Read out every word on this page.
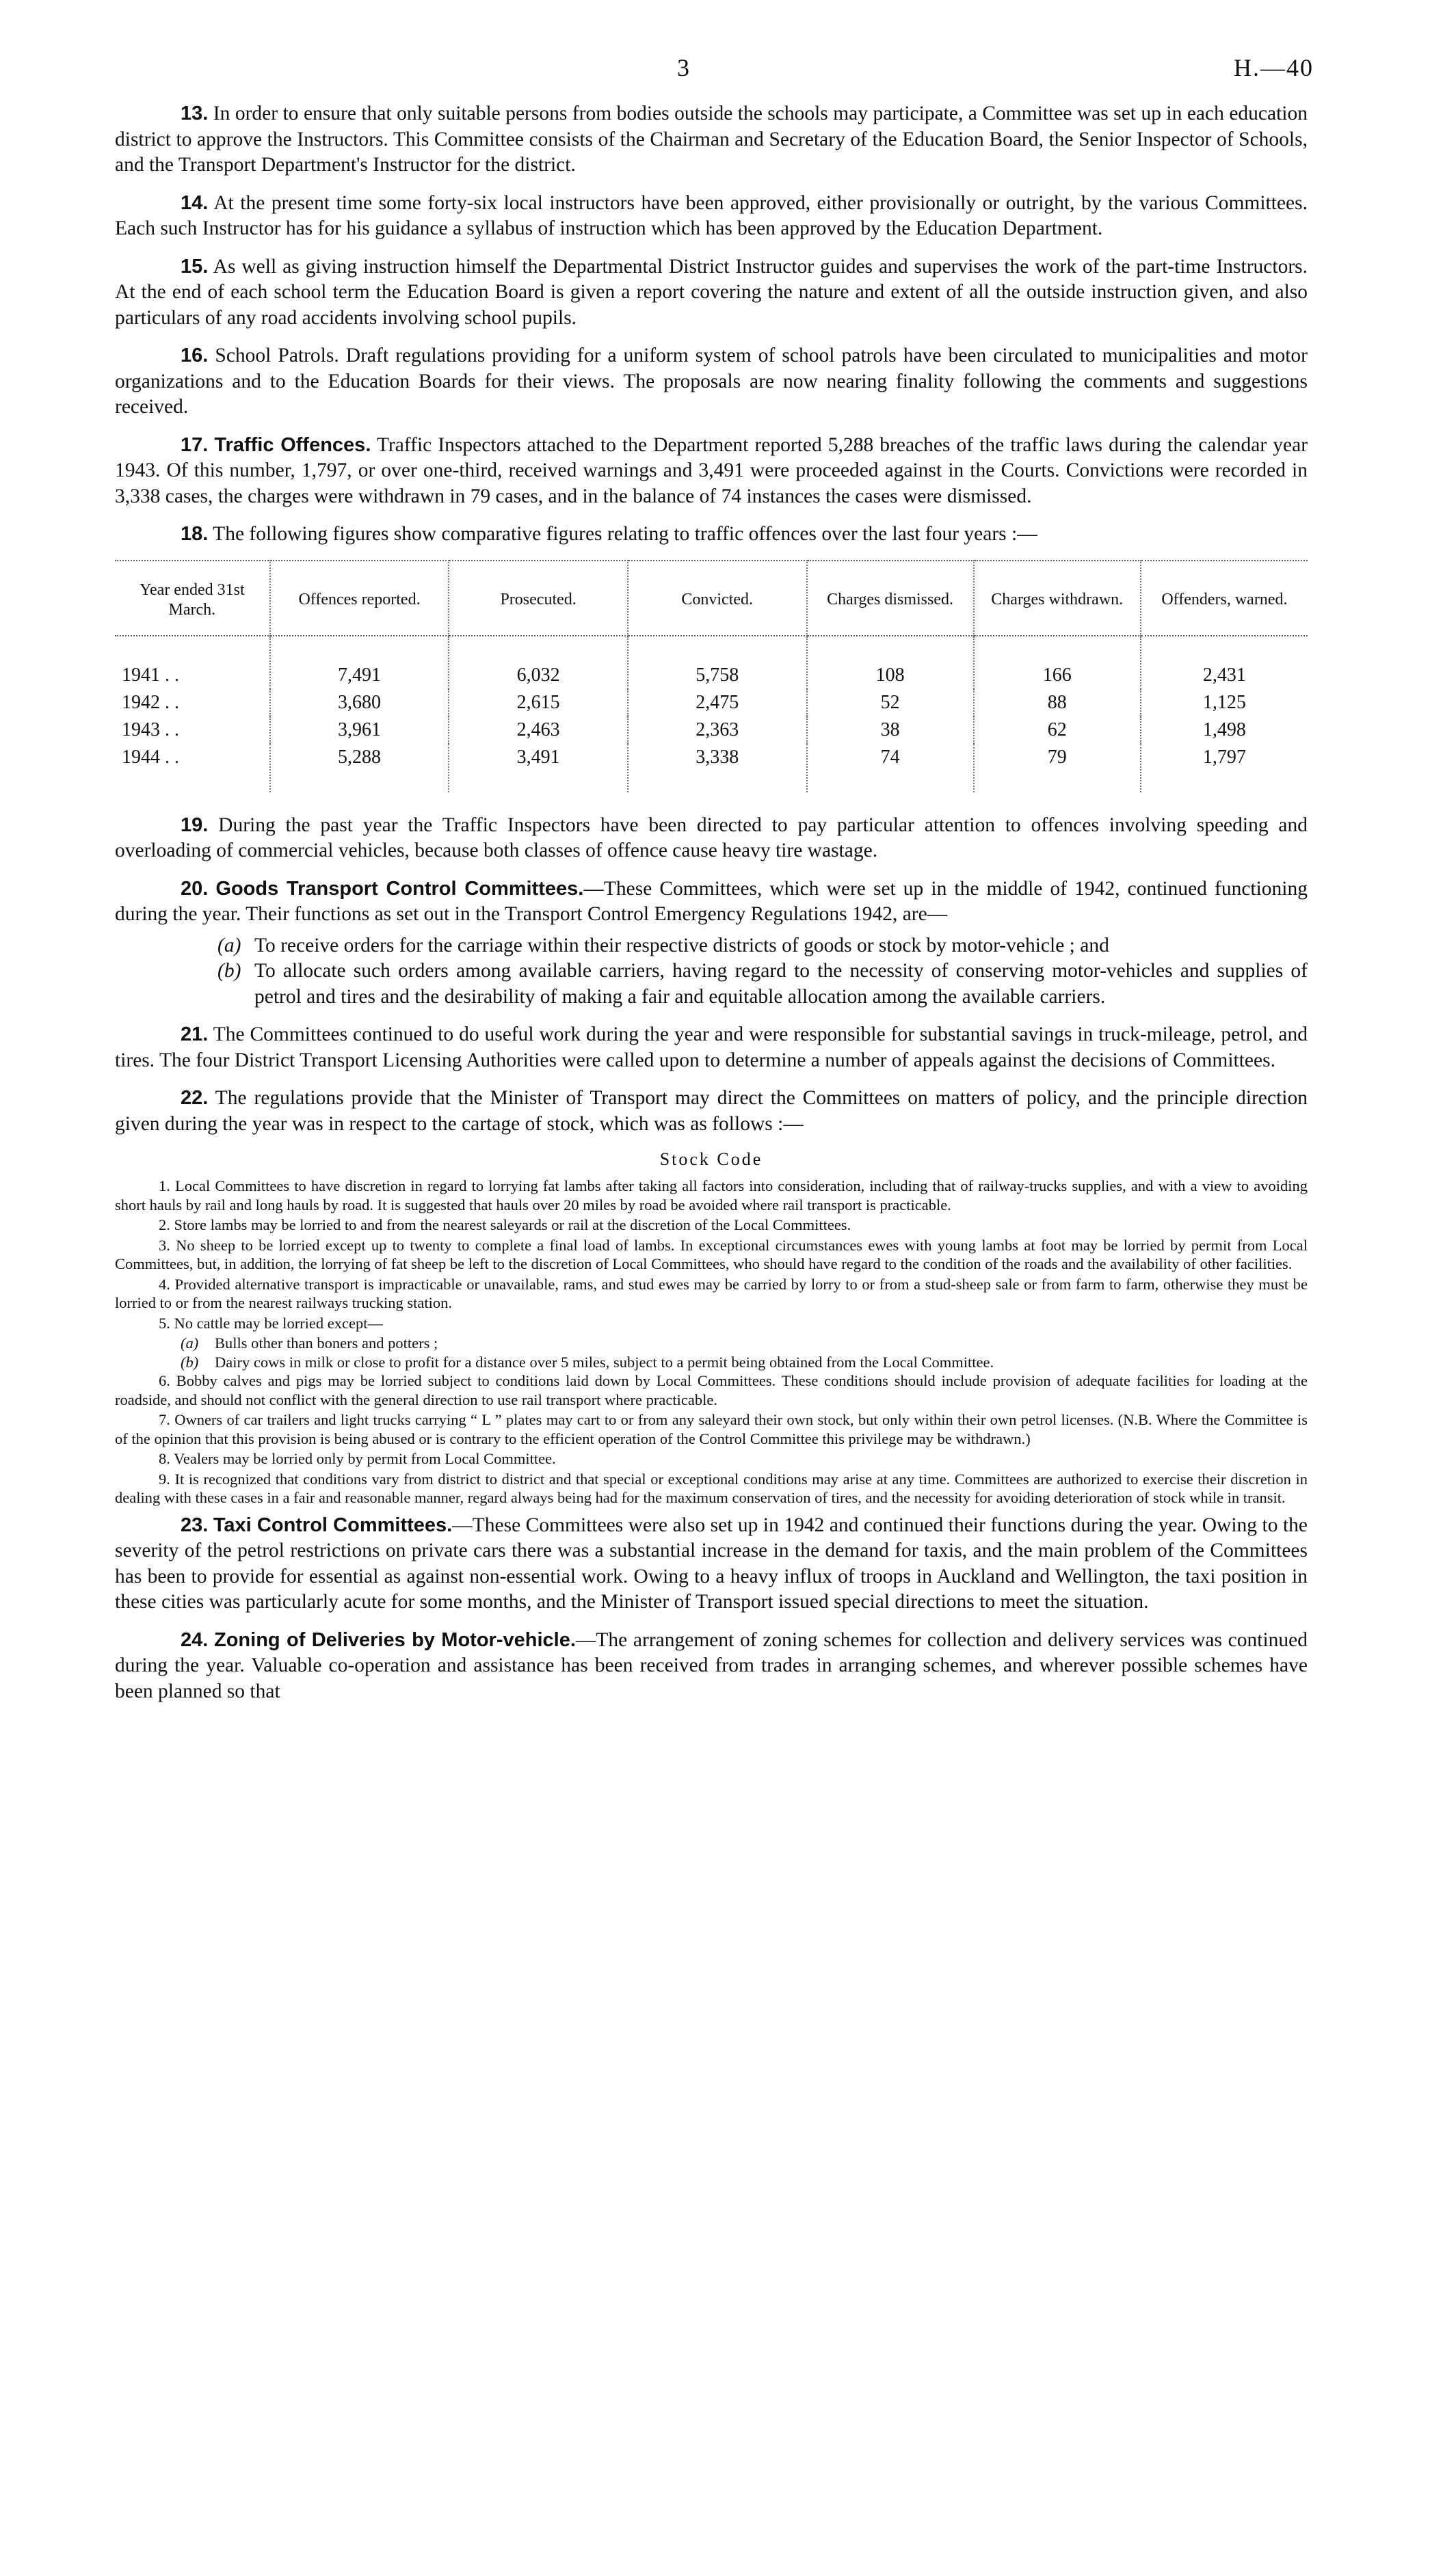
3	H.—40

13. In order to ensure that only suitable persons from bodies outside the schools may participate, a Committee was set up in each education district to approve the Instructors. This Committee consists of the Chairman and Secretary of the Education Board, the Senior Inspector of Schools, and the Transport Department's Instructor for the district.

14. At the present time some forty-six local instructors have been approved, either provisionally or outright, by the various Committees. Each such Instructor has for his guidance a syllabus of instruction which has been approved by the Education Department.

15. As well as giving instruction himself the Departmental District Instructor guides and supervises the work of the part-time Instructors. At the end of each school term the Education Board is given a report covering the nature and extent of all the outside instruction given, and also particulars of any road accidents involving school pupils.

16. School Patrols. Draft regulations providing for a uniform system of school patrols have been circulated to municipalities and motor organizations and to the Education Boards for their views. The proposals are now nearing finality following the comments and suggestions received.

17. Traffic Offences. Traffic Inspectors attached to the Department reported 5,288 breaches of the traffic laws during the calendar year 1943. Of this number, 1,797, or over one-third, received warnings and 3,491 were proceeded against in the Courts. Convictions were recorded in 3,338 cases, the charges were withdrawn in 79 cases, and in the balance of 74 instances the cases were dismissed.

18. The following figures show comparative figures relating to traffic offences over the last four years :—

Year ended 31st March.	Offences reported.	Prosecuted.	Convicted.	Charges dismissed.	Charges withdrawn.	Offenders, warned.
1941 . .	7,491	6,032	5,758	108	166	2,431
1942 . .	3,680	2,615	2,475	52	88	1,125
1943 . .	3,961	2,463	2,363	38	62	1,498
1944 . .	5,288	3,491	3,338	74	79	1,797

19. During the past year the Traffic Inspectors have been directed to pay particular attention to offences involving speeding and overloading of commercial vehicles, because both classes of offence cause heavy tire wastage.

20. Goods Transport Control Committees.—These Committees, which were set up in the middle of 1942, continued functioning during the year. Their functions as set out in the Transport Control Emergency Regulations 1942, are—

(a) To receive orders for the carriage within their respective districts of goods or stock by motor-vehicle ; and
(b) To allocate such orders among available carriers, having regard to the necessity of conserving motor-vehicles and supplies of petrol and tires and the desirability of making a fair and equitable allocation among the available carriers.

21. The Committees continued to do useful work during the year and were responsible for substantial savings in truck-mileage, petrol, and tires. The four District Transport Licensing Authorities were called upon to determine a number of appeals against the decisions of Committees.

22. The regulations provide that the Minister of Transport may direct the Committees on matters of policy, and the principle direction given during the year was in respect to the cartage of stock, which was as follows :—

Stock Code

1. Local Committees to have discretion in regard to lorrying fat lambs after taking all factors into consideration, including that of railway-trucks supplies, and with a view to avoiding short hauls by rail and long hauls by road. It is suggested that hauls over 20 miles by road be avoided where rail transport is practicable.

2. Store lambs may be lorried to and from the nearest saleyards or rail at the discretion of the Local Committees.

3. No sheep to be lorried except up to twenty to complete a final load of lambs. In exceptional circumstances ewes with young lambs at foot may be lorried by permit from Local Committees, but, in addition, the lorrying of fat sheep be left to the discretion of Local Committees, who should have regard to the condition of the roads and the availability of other facilities.

4. Provided alternative transport is impracticable or unavailable, rams, and stud ewes may be carried by lorry to or from a stud-sheep sale or from farm to farm, otherwise they must be lorried to or from the nearest railways trucking station.

5. No cattle may be lorried except—

(a)	Bulls other than boners and potters ;
(b)	Dairy cows in milk or close to profit for a distance over 5 miles, subject to a permit being obtained from the Local Committee.

6. Bobby calves and pigs may be lorried subject to conditions laid down by Local Committees. These conditions should include provision of adequate facilities for loading at the roadside, and should not conflict with the general direction to use rail transport where practicable.

7. Owners of car trailers and light trucks carrying “ L ” plates may cart to or from any saleyard their own stock, but only within their own petrol licenses. (N.B. Where the Committee is of the opinion that this provision is being abused or is contrary to the efficient operation of the Control Committee this privilege may be withdrawn.)

8. Vealers may be lorried only by permit from Local Committee.

9. It is recognized that conditions vary from district to district and that special or exceptional conditions may arise at any time. Committees are authorized to exercise their discretion in dealing with these cases in a fair and reasonable manner, regard always being had for the maximum conservation of tires, and the necessity for avoiding deterioration of stock while in transit.

23. Taxi Control Committees.—These Committees were also set up in 1942 and continued their functions during the year. Owing to the severity of the petrol restrictions on private cars there was a substantial increase in the demand for taxis, and the main problem of the Committees has been to provide for essential as against non-essential work. Owing to a heavy influx of troops in Auckland and Wellington, the taxi position in these cities was particularly acute for some months, and the Minister of Transport issued special directions to meet the situation.

24. Zoning of Deliveries by Motor-vehicle.—The arrangement of zoning schemes for collection and delivery services was continued during the year. Valuable co-operation and assistance has been received from trades in arranging schemes, and wherever possible schemes have been planned so that
